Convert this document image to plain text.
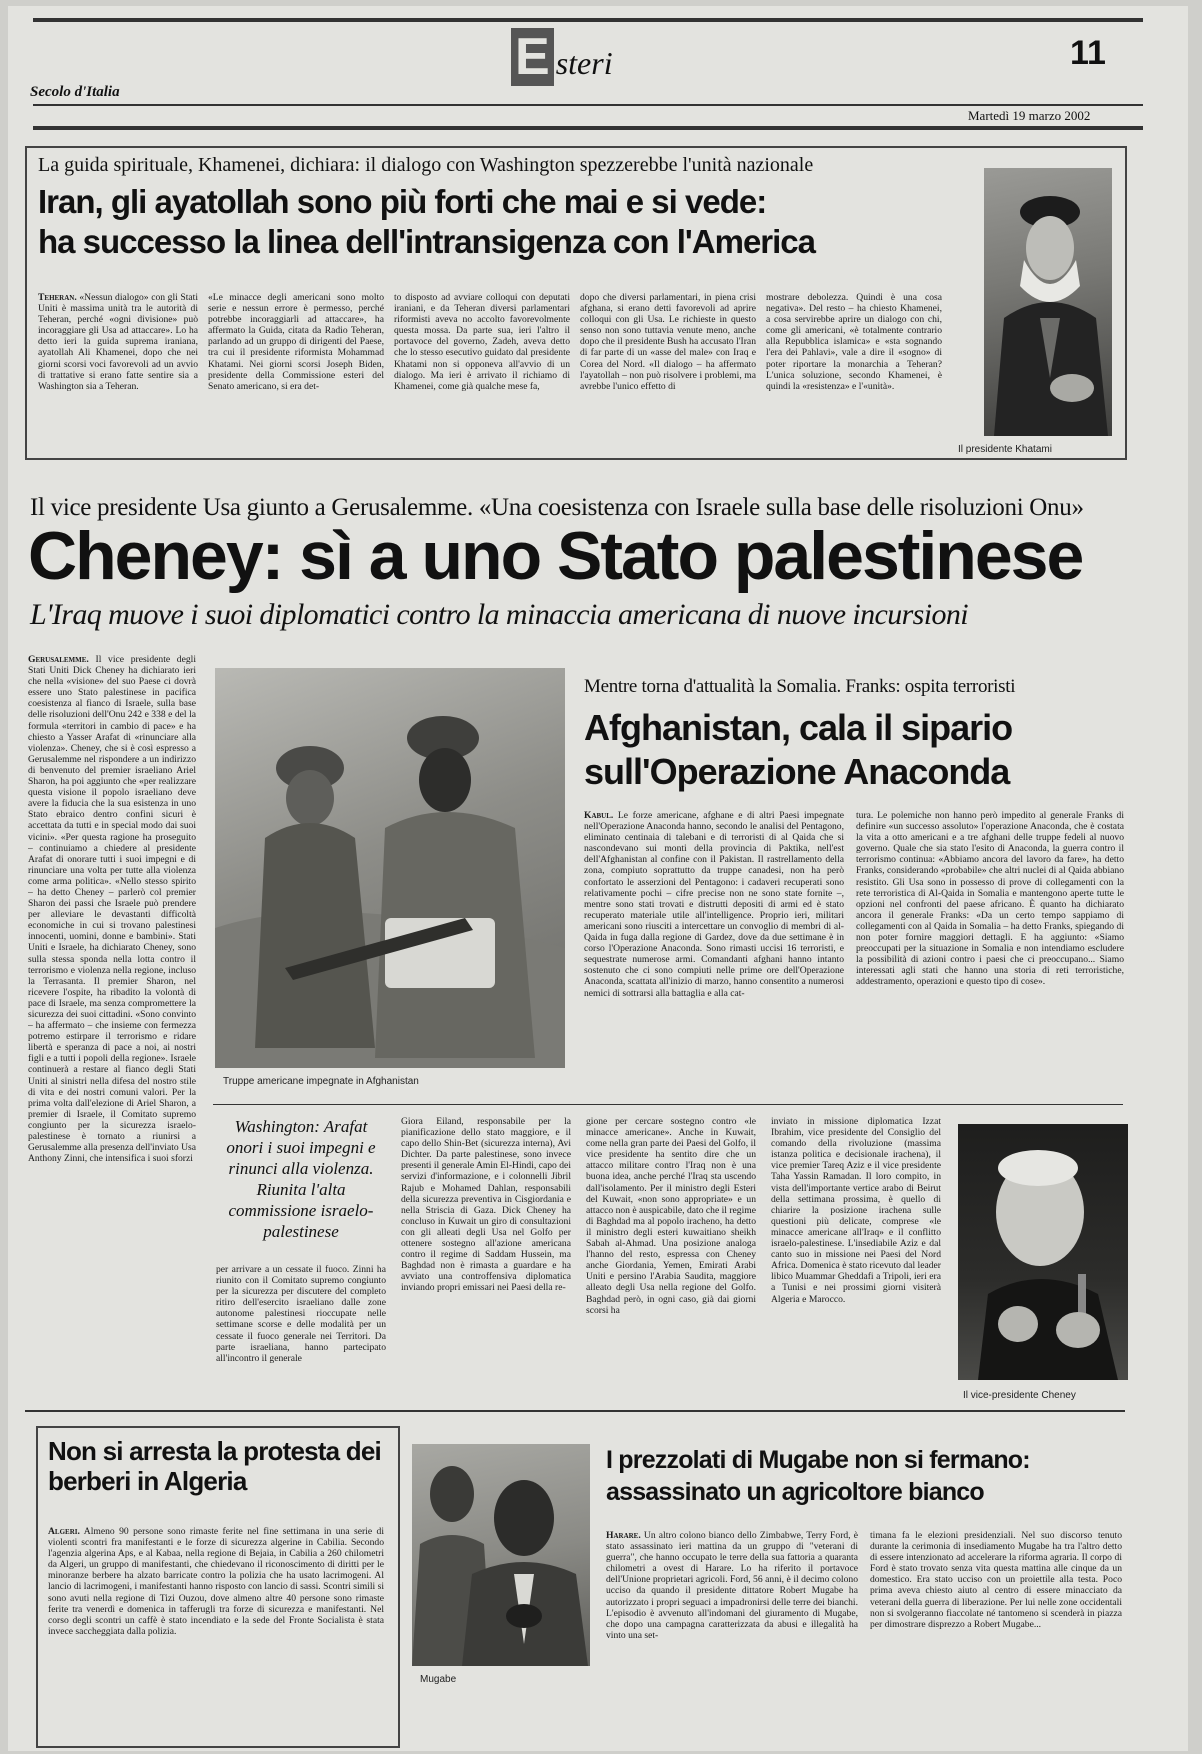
Secolo d'Italia
E steri	11
Martedì 19 marzo 2002
La guida spirituale, Khamenei, dichiara: il dialogo con Washington spezzerebbe l'unità nazionale
Iran, gli ayatollah sono più forti che mai e si vede:
ha successo la linea dell'intransigenza con l'America
Teheran. «Nessun dialogo» con gli Stati Uniti è massima unità tra le autorità di Teheran, perché «ogni divisione» può incoraggiare gli Usa ad attaccare». Lo ha detto ieri la guida suprema iraniana, ayatollah Ali Khamenei, dopo che nei giorni scorsi voci favorevoli ad un avvio di trattative si erano fatte sentire sia a Washington sia a Teheran.
«Le minacce degli americani sono molto serie e nessun errore è permesso, perché potrebbe incoraggiarli ad attaccare», ha affermato la Guida, citata da Radio Teheran, parlando ad un gruppo di dirigenti del Paese, tra cui il presidente riformista Mohammad Khatami. Nei giorni scorsi Joseph Biden, presidente della Commissione esteri del Senato americano, si era det-
to disposto ad avviare colloqui con deputati iraniani, e da Teheran diversi parlamentari riformisti aveva no accolto favorevolmente questa mossa. Da parte sua, ieri l'altro il portavoce del governo, Zadeh, aveva detto che lo stesso esecutivo guidato dal presidente Khatami non si opponeva all'avvio di un dialogo. Ma ieri è arrivato il richiamo di Khamenei, come già qualche mese fa,
dopo che diversi parlamentari, in piena crisi afghana, si erano detti favorevoli ad aprire colloqui con gli Usa. Le richieste in questo senso non sono tuttavia venute meno, anche dopo che il presidente Bush ha accusato l'Iran di far parte di un «asse del male» con Iraq e Corea del Nord. «Il dialogo – ha affermato l'ayatollah – non può risolvere i problemi, ma avrebbe l'unico effetto di
mostrare debolezza. Quindi è una cosa negativa». Del resto – ha chiesto Khamenei, a cosa servirebbe aprire un dialogo con chi, come gli americani, «è totalmente contrario alla Repubblica islamica» e «sta sognando l'era dei Pahlavi», vale a dire il «sogno» di poter riportare la monarchia a Teheran? L'unica soluzione, secondo Khamenei, è quindi la «resistenza» e l'«unità».
Il presidente Khatami
Il vice presidente Usa giunto a Gerusalemme. «Una coesistenza con Israele sulla base delle risoluzioni Onu»
Cheney: sì a uno Stato palestinese
L'Iraq muove i suoi diplomatici contro la minaccia americana di nuove incursioni
Gerusalemme. Il vice presidente degli Stati Uniti Dick Cheney ha dichiarato ieri che nella «visione» del suo Paese ci dovrà essere uno Stato palestinese in pacifica coesistenza al fianco di Israele, sulla base delle risoluzioni dell'Onu 242 e 338 e del la formula «territori in cambio di pace» e ha chiesto a Yasser Arafat di «rinunciare alla violenza». Cheney, che si è così espresso a Gerusalemme nel rispondere a un indirizzo di benvenuto del premier israeliano Ariel Sharon, ha poi aggiunto che «per realizzare questa visione il popolo israeliano deve avere la fiducia che la sua esistenza in uno Stato ebraico dentro confini sicuri è accettata da tutti e in special modo dai suoi vicini». «Per questa ragione ha proseguito – continuiamo a chiedere al presidente Arafat di onorare tutti i suoi impegni e di rinunciare una volta per tutte alla violenza come arma politica». «Nello stesso spirito – ha detto Cheney – parlerò col premier Sharon dei passi che Israele può prendere per alleviare le devastanti difficoltà economiche in cui si trovano palestinesi innocenti, uomini, donne e bambini». Stati Uniti e Israele, ha dichiarato Cheney, sono sulla stessa sponda nella lotta contro il terrorismo e violenza nella regione, incluso la Terrasanta. Il premier Sharon, nel ricevere l'ospite, ha ribadito la volontà di pace di Israele, ma senza compromettere la sicurezza dei suoi cittadini. «Sono convinto – ha affermato – che insieme con fermezza potremo estirpare il terrorismo e ridare libertà e speranza di pace a noi, ai nostri figli e a tutti i popoli della regione». Israele continuerà a restare al fianco degli Stati Uniti al sinistri nella difesa del nostro stile di vita e dei nostri comuni valori. Per la prima volta dall'elezione di Ariel Sharon, a premier di Israele, il Comitato supremo congiunto per la sicurezza israelo-palestinese è tornato a riunirsi a Gerusalemme alla presenza dell'inviato Usa Anthony Zinni, che intensifica i suoi sforzi
Truppe americane impegnate in Afghanistan
Mentre torna d'attualità la Somalia. Franks: ospita terroristi
Afghanistan, cala il sipario
sull'Operazione Anaconda
Kabul. Le forze americane, afghane e di altri Paesi impegnate nell'Operazione Anaconda hanno, secondo le analisi del Pentagono, eliminato centinaia di talebani e di terroristi di al Qaida che si nascondevano sui monti della provincia di Paktika, nell'est dell'Afghanistan al confine con il Pakistan. Il rastrellamento della zona, compiuto soprattutto da truppe canadesi, non ha però confortato le asserzioni del Pentagono: i cadaveri recuperati sono relativamente pochi – cifre precise non ne sono state fornite –, mentre sono stati trovati e distrutti depositi di armi ed è stato recuperato materiale utile all'intelligence. Proprio ieri, militari americani sono riusciti a intercettare un convoglio di membri di al-Qaida in fuga dalla regione di Gardez, dove da due settimane è in corso l'Operazione Anaconda. Sono rimasti uccisi 16 terroristi, e sequestrate numerose armi. Comandanti afghani hanno intanto sostenuto che ci sono compiuti nelle prime ore dell'Operazione Anaconda, scattata all'inizio di marzo, hanno consentito a numerosi nemici di sottrarsi alla battaglia e alla cat-
tura. Le polemiche non hanno però impedito al generale Franks di definire «un successo assoluto» l'operazione Anaconda, che è costata la vita a otto americani e a tre afghani delle truppe fedeli al nuovo governo. Quale che sia stato l'esito di Anaconda, la guerra contro il terrorismo continua: «Abbiamo ancora del lavoro da fare», ha detto Franks, considerando «probabile» che altri nuclei di al Qaida abbiano resistito. Gli Usa sono in possesso di prove di collegamenti con la rete terroristica di Al-Qaida in Somalia e mantengono aperte tutte le opzioni nel confronti del paese africano. È quanto ha dichiarato ancora il generale Franks: «Da un certo tempo sappiamo di collegamenti con al Qaida in Somalia – ha detto Franks, spiegando di non poter fornire maggiori dettagli. E ha aggiunto: «Siamo preoccupati per la situazione in Somalia e non intendiamo escludere la possibilità di azioni contro i paesi che ci preoccupano... Siamo interessati agli stati che hanno una storia di reti terroristiche, addestramento, operazioni e questo tipo di cose».
Washington: Arafat onori i suoi impegni e rinunci alla violenza. Riunita l'alta commissione israelo-palestinese
per arrivare a un cessate il fuoco. Zinni ha riunito con il Comitato supremo congiunto per la sicurezza per discutere del completo ritiro dell'esercito israeliano dalle zone autonome palestinesi rioccupate nelle settimane scorse e delle modalità per un cessate il fuoco generale nei Territori. Da parte israeliana, hanno partecipato all'incontro il generale
Giora Eiland, responsabile per la pianificazione dello stato maggiore, e il capo dello Shin-Bet (sicurezza interna), Avi Dichter. Da parte palestinese, sono invece presenti il generale Amin El-Hindi, capo dei servizi d'informazione, e i colonnelli Jibril Rajub e Mohamed Dahlan, responsabili della sicurezza preventiva in Cisgiordania e nella Striscia di Gaza. Dick Cheney ha concluso in Kuwait un giro di consultazioni con gli alleati degli Usa nel Golfo per ottenere sostegno all'azione americana contro il regime di Saddam Hussein, ma Baghdad non è rimasta a guardare e ha avviato una controffensiva diplomatica inviando propri emissari nei Paesi della re-
gione per cercare sostegno contro «le minacce americane». Anche in Kuwait, come nella gran parte dei Paesi del Golfo, il vice presidente ha sentito dire che un attacco militare contro l'Iraq non è una buona idea, anche perché l'Iraq sta uscendo dall'isolamento. Per il ministro degli Esteri del Kuwait, «non sono appropriate» e un attacco non è auspicabile, dato che il regime di Baghdad ma al popolo iracheno, ha detto il ministro degli esteri kuwaitiano sheikh Sabah al-Ahmad. Una posizione analoga l'hanno del resto, espressa con Cheney anche Giordania, Yemen, Emirati Arabi Uniti e persino l'Arabia Saudita, maggiore alleato degli Usa nella regione del Golfo. Baghdad però, in ogni caso, già dai giorni scorsi ha
inviato in missione diplomatica Izzat Ibrahim, vice presidente del Consiglio del comando della rivoluzione (massima istanza politica e decisionale irachena), il vice premier Tareq Aziz e il vice presidente Taha Yassin Ramadan. Il loro compito, in vista dell'importante vertice arabo di Beirut della settimana prossima, è quello di chiarire la posizione irachena sulle questioni più delicate, comprese «le minacce americane all'Iraq» e il conflitto israelo-palestinese. L'insediabile Aziz e dal canto suo in missione nei Paesi del Nord Africa. Domenica è stato ricevuto dal leader libico Muammar Gheddafi a Tripoli, ieri era a Tunisi e nei prossimi giorni visiterà Algeria e Marocco.
Il vice-presidente Cheney
Non si arresta la protesta dei berberi in Algeria
Algeri. Almeno 90 persone sono rimaste ferite nel fine settimana in una serie di violenti scontri fra manifestanti e le forze di sicurezza algerine in Cabilia. Secondo l'agenzia algerina Aps, e al Kabaa, nella regione di Bejaia, in Cabilia a 260 chilometri da Algeri, un gruppo di manifestanti, che chiedevano il riconoscimento di diritti per le minoranze berbere ha alzato barricate contro la polizia che ha usato lacrimogeni. Al lancio di lacrimogeni, i manifestanti hanno risposto con lancio di sassi. Scontri simili si sono avuti nella regione di Tizi Ouzou, dove almeno altre 40 persone sono rimaste ferite tra venerdì e domenica in tafferugli tra forze di sicurezza e manifestanti. Nel corso degli scontri un caffè è stato incendiato e la sede del Fronte Socialista è stata invece saccheggiata dalla polizia.
Mugabe
I prezzolati di Mugabe non si fermano:
assassinato un agricoltore bianco
Harare. Un altro colono bianco dello Zimbabwe, Terry Ford, è stato assassinato ieri mattina da un gruppo di "veterani di guerra", che hanno occupato le terre della sua fattoria a quaranta chilometri a ovest di Harare. Lo ha riferito il portavoce dell'Unione proprietari agricoli. Ford, 56 anni, è il decimo colono ucciso da quando il presidente dittatore Robert Mugabe ha autorizzato i propri seguaci a impadronirsi delle terre dei bianchi. L'episodio è avvenuto all'indomani del giuramento di Mugabe, che dopo una campagna caratterizzata da abusi e illegalità ha vinto una set-
timana fa le elezioni presidenziali. Nel suo discorso tenuto durante la cerimonia di insediamento Mugabe ha tra l'altro detto di essere intenzionato ad accelerare la riforma agraria. Il corpo di Ford è stato trovato senza vita questa mattina alle cinque da un domestico. Era stato ucciso con un proiettile alla testa. Poco prima aveva chiesto aiuto al centro di essere minacciato da veterani della guerra di liberazione. Per lui nelle zone occidentali non si svolgeranno fiaccolate né tantomeno si scenderà in piazza per dimostrare disprezzo a Robert Mugabe...
